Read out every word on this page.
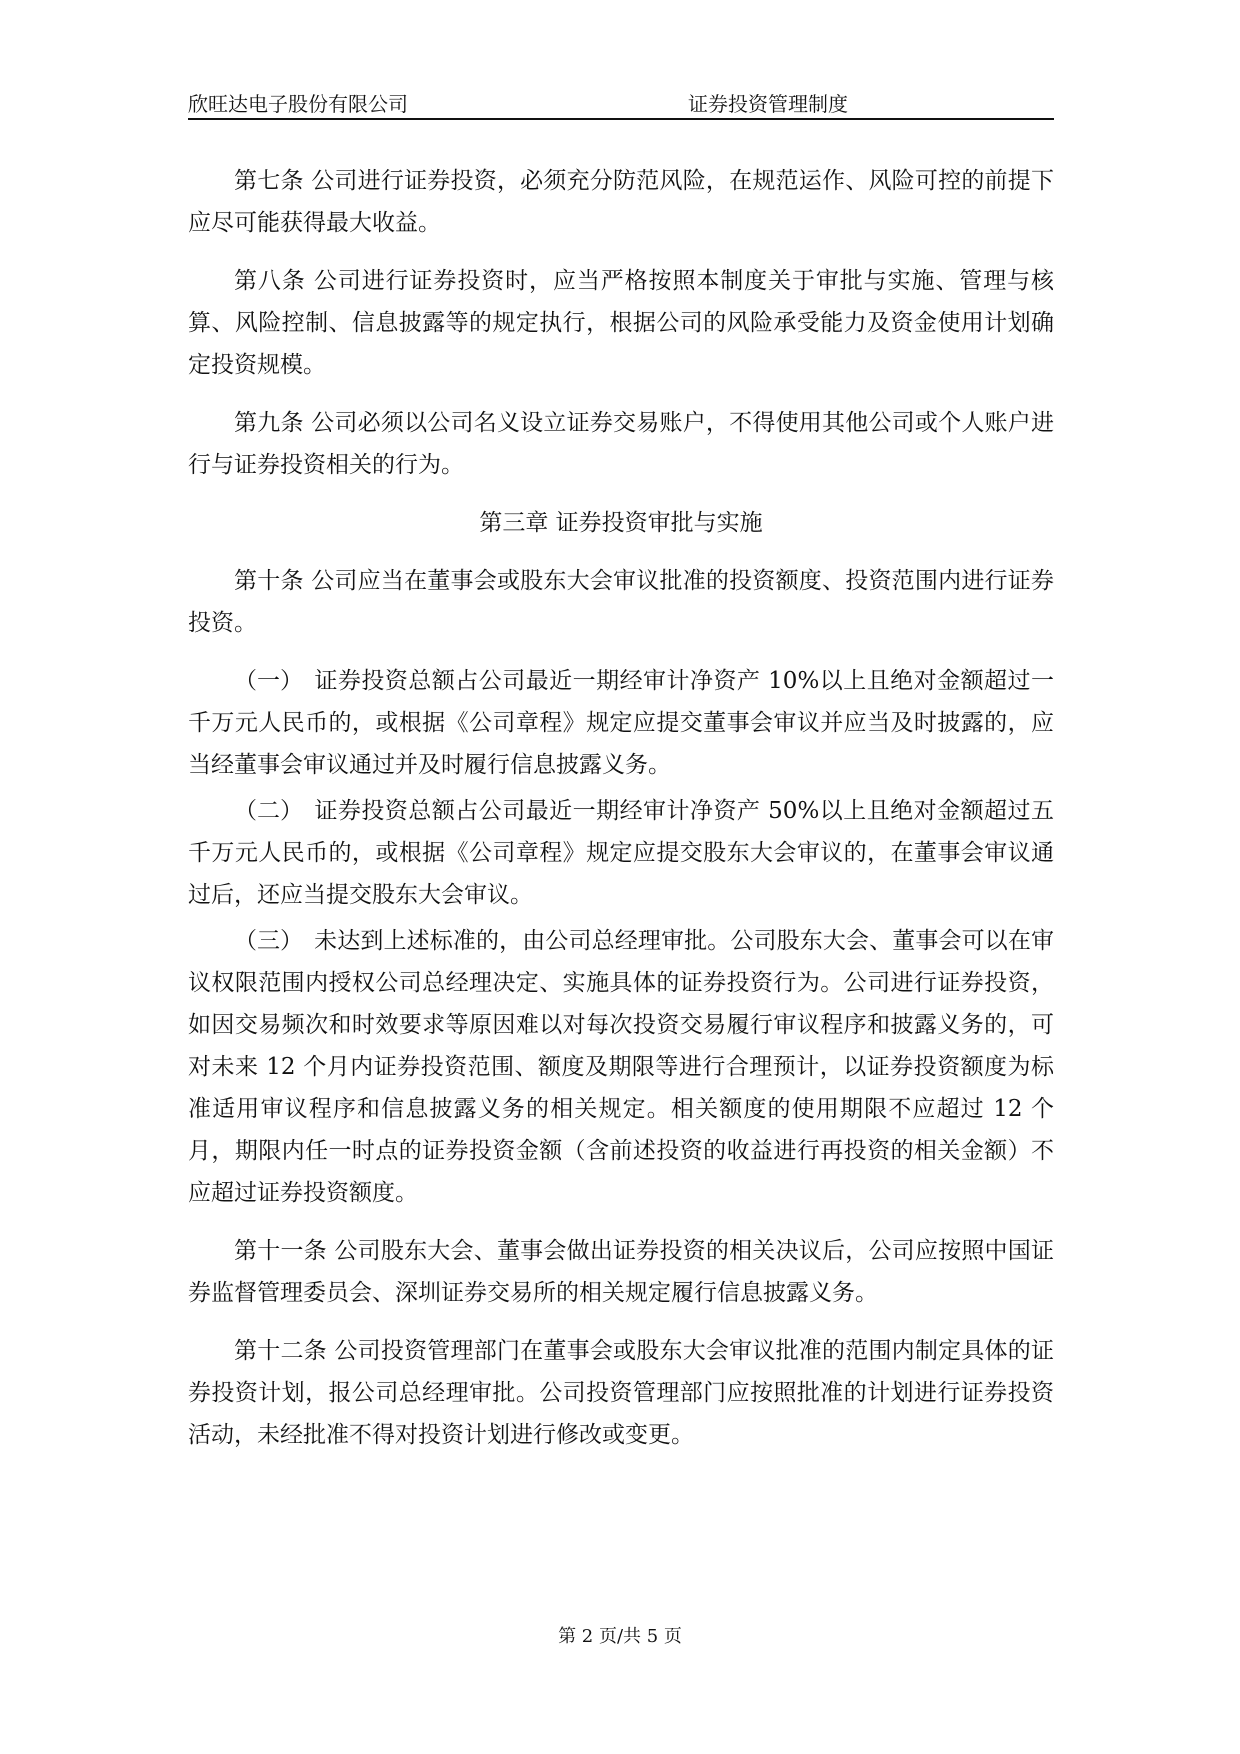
欣旺达电子股份有限公司	证券投资管理制度

第七条 公司进行证券投资，必须充分防范风险，在规范运作、风险可控的前提下应尽可能获得最大收益。

第八条 公司进行证券投资时，应当严格按照本制度关于审批与实施、管理与核算、风险控制、信息披露等的规定执行，根据公司的风险承受能力及资金使用计划确定投资规模。

第九条 公司必须以公司名义设立证券交易账户，不得使用其他公司或个人账户进行与证券投资相关的行为。

第三章 证券投资审批与实施

第十条 公司应当在董事会或股东大会审议批准的投资额度、投资范围内进行证券投资。

（一） 证券投资总额占公司最近一期经审计净资产 10%以上且绝对金额超过一千万元人民币的，或根据《公司章程》规定应提交董事会审议并应当及时披露的，应当经董事会审议通过并及时履行信息披露义务。

（二） 证券投资总额占公司最近一期经审计净资产 50%以上且绝对金额超过五千万元人民币的，或根据《公司章程》规定应提交股东大会审议的，在董事会审议通过后，还应当提交股东大会审议。

（三） 未达到上述标准的，由公司总经理审批。公司股东大会、董事会可以在审议权限范围内授权公司总经理决定、实施具体的证券投资行为。公司进行证券投资，如因交易频次和时效要求等原因难以对每次投资交易履行审议程序和披露义务的，可对未来 12 个月内证券投资范围、额度及期限等进行合理预计，以证券投资额度为标准适用审议程序和信息披露义务的相关规定。相关额度的使用期限不应超过 12 个月，期限内任一时点的证券投资金额（含前述投资的收益进行再投资的相关金额）不应超过证券投资额度。

第十一条 公司股东大会、董事会做出证券投资的相关决议后，公司应按照中国证券监督管理委员会、深圳证券交易所的相关规定履行信息披露义务。

第十二条 公司投资管理部门在董事会或股东大会审议批准的范围内制定具体的证券投资计划，报公司总经理审批。公司投资管理部门应按照批准的计划进行证券投资活动，未经批准不得对投资计划进行修改或变更。

第 2 页/共 5 页
